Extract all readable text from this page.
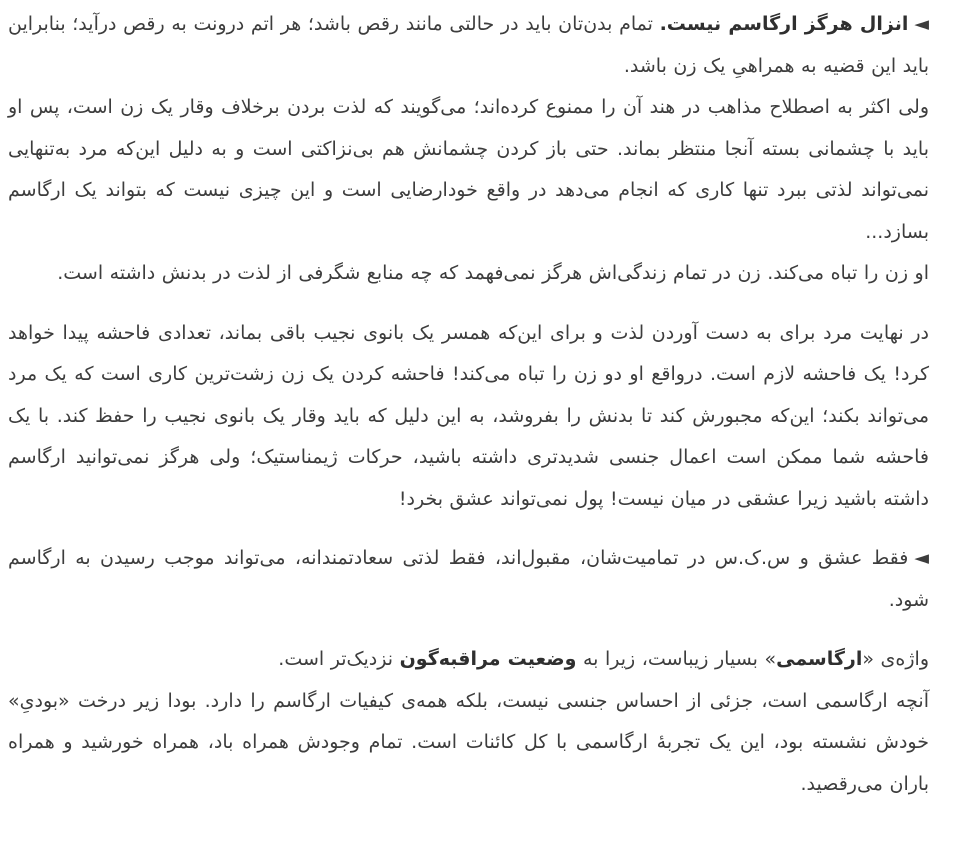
◄انزال هرگز ارگاسم نیست. تمام بدن‌تان باید در حالتی مانند رقص باشد؛ هر اتم درونت به رقص درآید؛ بنابراین باید این قضیه به همراهیِ یک زن باشد.

ولی اکثر به اصطلاح مذاهب در هند آن را ممنوع کرده‌اند؛ می‌گویند که لذت بردن برخلاف وقار یک زن است، پس او باید با چشمانی بسته آنجا منتظر بماند. حتی باز کردن چشمانش هم بی‌نزاکتی است و به دلیل این‌که مرد به‌تنهایی نمی‌تواند لذتی ببرد تنها کاری که انجام می‌دهد در واقع خودارضایی است و این چیزی نیست که بتواند یک ارگاسم بسازد...

او زن را تباه می‌کند. زن در تمام زندگی‌اش هرگز نمی‌فهمد که چه منابع شگرفی از لذت در بدنش داشته است.

در نهایت مرد برای به دست آوردن لذت و برای این‌که همسر یک بانوی نجیب باقی بماند، تعدادی فاحشه پیدا خواهد کرد! یک فاحشه لازم است. درواقع او دو زن را تباه می‌کند! فاحشه کردن یک زن زشت‌ترین کاری است که یک مرد می‌تواند بکند؛ این‌که مجبورش کند تا بدنش را بفروشد، به این دلیل که باید وقار یک بانوی نجیب را حفظ کند. با یک فاحشه شما ممکن است اعمال جنسی شدیدتری داشته باشید، حرکات ژیمناستیک؛ ولی هرگز نمی‌توانید ارگاسم داشته باشید زیرا عشقی در میان نیست! پول نمی‌تواند عشق بخرد!

◄فقط عشق و س.ک.س در تمامیت‌شان، مقبول‌اند، فقط لذتی سعادتمندانه، می‌تواند موجب رسیدن به ارگاسم شود.

واژه‌ی «ارگاسمی» بسیار زیباست، زیرا به وضعیت مراقبه‌گون نزدیک‌تر است.

آنچه ارگاسمی است، جزئی از احساس جنسی نیست، بلکه همه‌ی کیفیات ارگاسم را دارد. بودا زیر درخت «بودیِ» خودش نشسته بود، این یک تجربهٔ ارگاسمی با کل کائنات است. تمام وجودش همراه باد، همراه خورشید و همراه باران می‌رقصید.
